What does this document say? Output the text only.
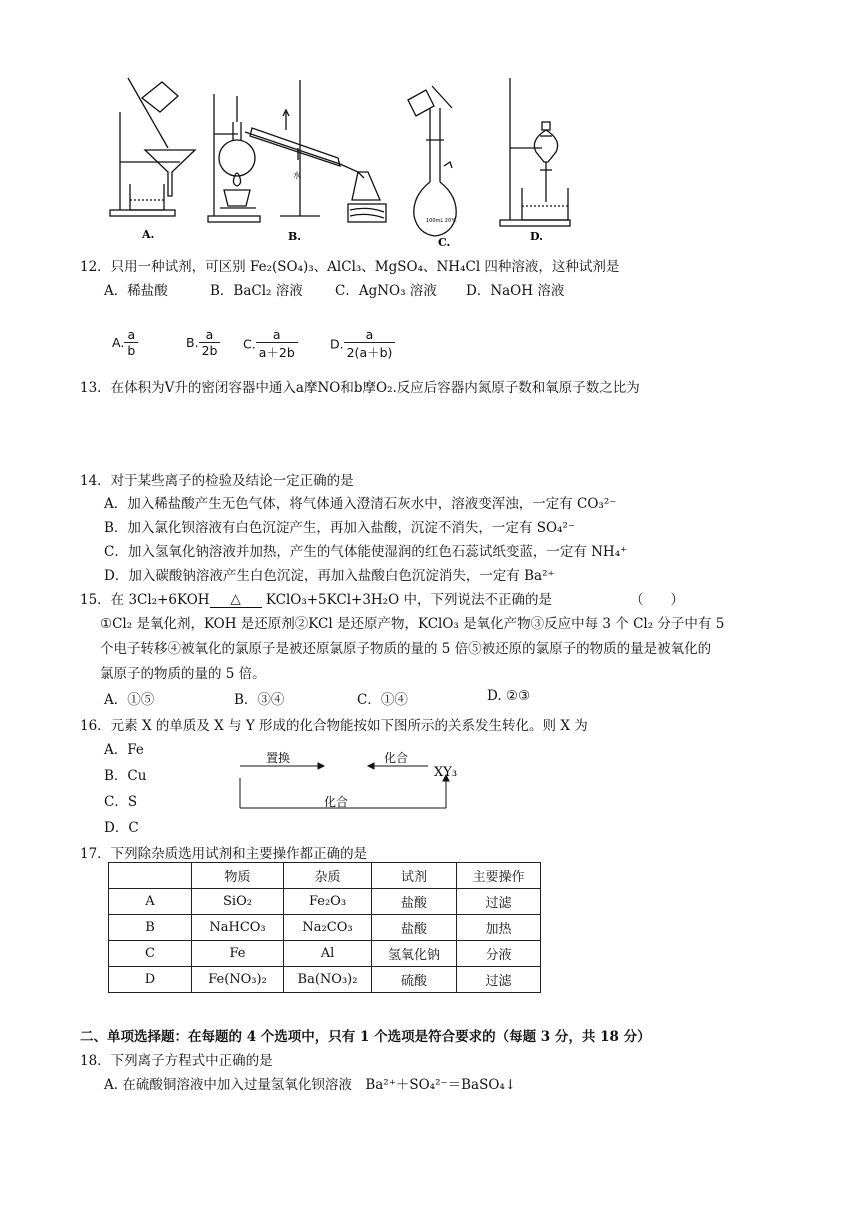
100mL 20℃
水
A.	B.	C.	D.
12．只用一种试剂，可区别 Fe₂(SO₄)₃、AlCl₃、MgSO₄、NH₄Cl 四种溶液，这种试剂是
A．稀盐酸	B．BaCl₂ 溶液 C．AgNO₃ 溶液 D．NaOH 溶液
A. $\frac{a}{b}$	B. $\frac{a}{2b} C$. $\frac{a}{a+2b}$	D. $\frac{a}{2(a+b)}$
13．在体积为V升的密闭容器中通入a摩NO和b摩O₂.反应后容器内氮原子数和氧原子数之比为
14．对于某些离子的检验及结论一定正确的是
A．加入稀盐酸产生无色气体，将气体通入澄清石灰水中，溶液变浑浊，一定有 CO₃²⁻
B．加入氯化钡溶液有白色沉淀产生，再加入盐酸，沉淀不消失，一定有 SO₄²⁻
C．加入氢氧化钠溶液并加热，产生的气体能使湿润的红色石蕊试纸变蓝，一定有 NH₄⁺
D．加入碳酸钠溶液产生白色沉淀，再加入盐酸白色沉淀消失，一定有 Ba²⁺
15．在 3Cl₂+6KOH △ KClO₃+5KCl+3H₂O 中，下列说法不正确的是	（　　）
①Cl₂ 是氧化剂，KOH 是还原剂②KCl 是还原产物，KClO₃ 是氧化产物③反应中每 3 个 Cl₂ 分子中有 5
个电子转移④被氧化的氯原子是被还原氯原子物质的量的 5 倍⑤被还原的氯原子的物质的量是被氧化的
氯原子的物质的量的 5 倍。
A．①⑤	B．③④	C．①④	D. ②③
16．元素 X 的单质及 X 与 Y 形成的化合物能按如下图所示的关系发生转化。则 X 为
A．Fe
B．Cu
C．S
D．C
置换	化合
XY₃
化合
17．下列除杂质选用试剂和主要操作都正确的是
	物质	杂质	试剂	主要操作
A	SiO₂	Fe₂O₃	盐酸	过滤
B	NaHCO₃	Na₂CO₃	盐酸	加热
C	Fe	Al	氢氧化钠	分液
D	Fe(NO₃)₂	Ba(NO₃)₂	硫酸	过滤
二、单项选择题：在每题的 4 个选项中，只有 1 个选项是符合要求的（每题 3 分，共 18 分）
18．下列离子方程式中正确的是
A. 在硫酸铜溶液中加入过量氢氧化钡溶液　Ba²⁺＋SO₄²⁻＝BaSO₄↓
